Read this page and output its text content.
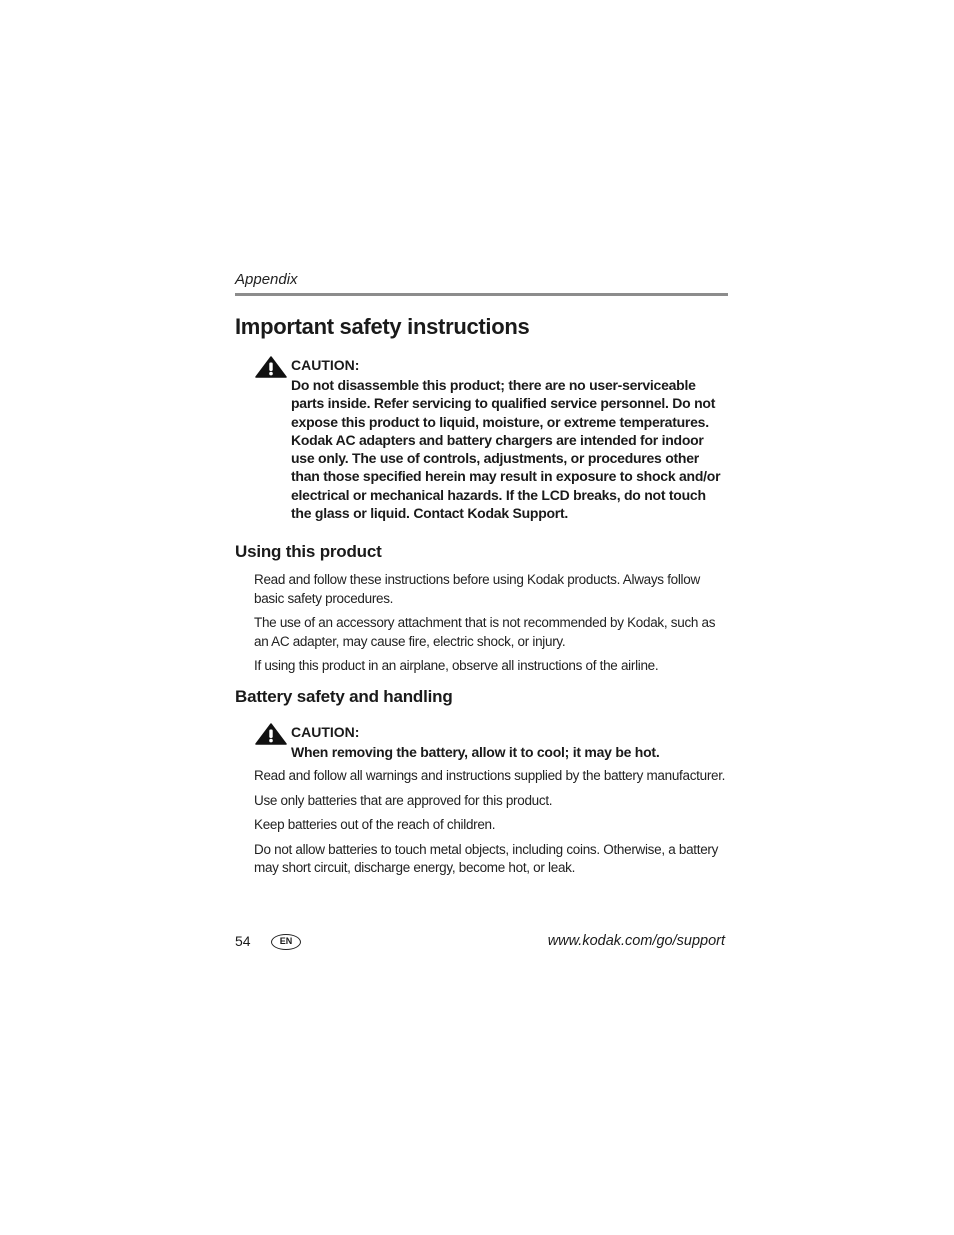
Appendix

Important safety instructions
CAUTION:

Do not disassemble this product; there are no user-serviceable parts inside. Refer servicing to qualified service personnel. Do not expose this product to liquid, moisture, or extreme temperatures. Kodak AC adapters and battery chargers are intended for indoor use only. The use of controls, adjustments, or procedures other than those specified herein may result in exposure to shock and/or electrical or mechanical hazards. If the LCD breaks, do not touch the glass or liquid. Contact Kodak Support.

Using this product

Read and follow these instructions before using Kodak products. Always follow basic safety procedures.

The use of an accessory attachment that is not recommended by Kodak, such as an AC adapter, may cause fire, electric shock, or injury.

If using this product in an airplane, observe all instructions of the airline.

Battery safety and handling
CAUTION:

When removing the battery, allow it to cool; it may be hot.

Read and follow all warnings and instructions supplied by the battery manufacturer.

Use only batteries that are approved for this product.

Keep batteries out of the reach of children.

Do not allow batteries to touch metal objects, including coins. Otherwise, a battery may short circuit, discharge energy, become hot, or leak.

54	EN	www.kodak.com/go/support
